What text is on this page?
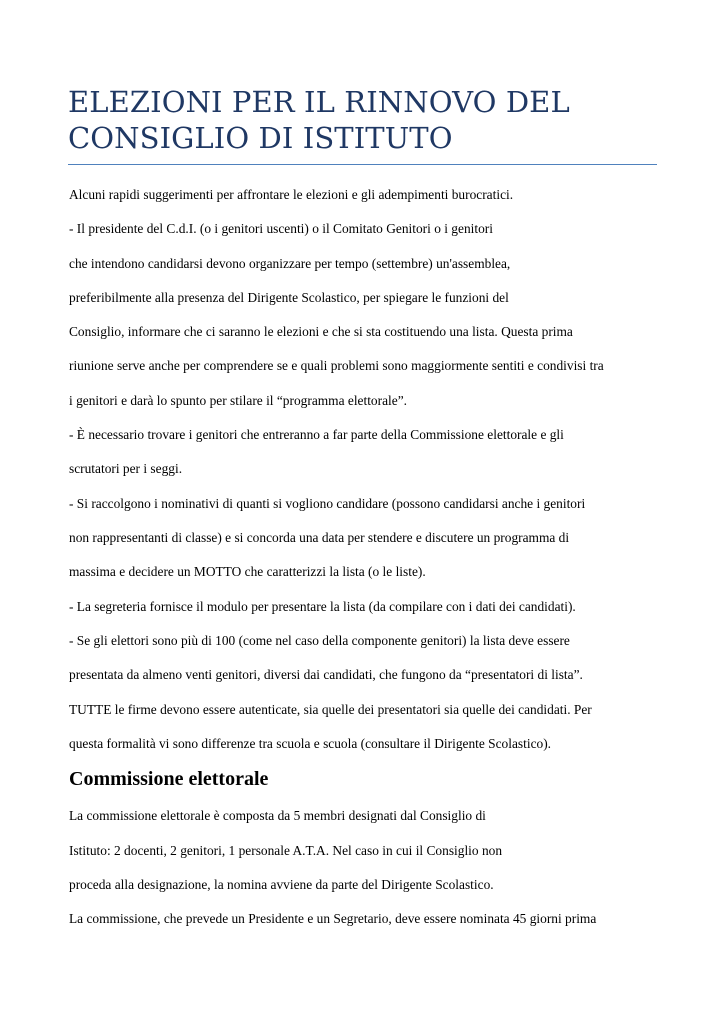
ELEZIONI PER IL RINNOVO DEL
CONSIGLIO DI ISTITUTO

Alcuni rapidi suggerimenti per affrontare le elezioni e gli adempimenti burocratici.

- Il presidente del C.d.I. (o i genitori uscenti) o il Comitato Genitori o i genitori

che intendono candidarsi devono organizzare per tempo (settembre) un'assemblea,

preferibilmente alla presenza del Dirigente Scolastico, per spiegare le funzioni del

Consiglio, informare che ci saranno le elezioni e che si sta costituendo una lista. Questa prima

riunione serve anche per comprendere se e quali problemi sono maggiormente sentiti e condivisi tra

i genitori e darà lo spunto per stilare il “programma elettorale”.

- È necessario trovare i genitori che entreranno a far parte della Commissione elettorale e gli

scrutatori per i seggi.

- Si raccolgono i nominativi di quanti si vogliono candidare (possono candidarsi anche i genitori

non rappresentanti di classe) e si concorda una data per stendere e discutere un programma di

massima e decidere un MOTTO che caratterizzi la lista (o le liste).

- La segreteria fornisce il modulo per presentare la lista (da compilare con i dati dei candidati).

- Se gli elettori sono più di 100 (come nel caso della componente genitori) la lista deve essere

presentata da almeno venti genitori, diversi dai candidati, che fungono da “presentatori di lista”.

TUTTE le firme devono essere autenticate, sia quelle dei presentatori sia quelle dei candidati. Per

questa formalità vi sono differenze tra scuola e scuola (consultare il Dirigente Scolastico).

Commissione elettorale

La commissione elettorale è composta da 5 membri designati dal Consiglio di

Istituto: 2 docenti, 2 genitori, 1 personale A.T.A. Nel caso in cui il Consiglio non

proceda alla designazione, la nomina avviene da parte del Dirigente Scolastico.

La commissione, che prevede un Presidente e un Segretario, deve essere nominata 45 giorni prima
